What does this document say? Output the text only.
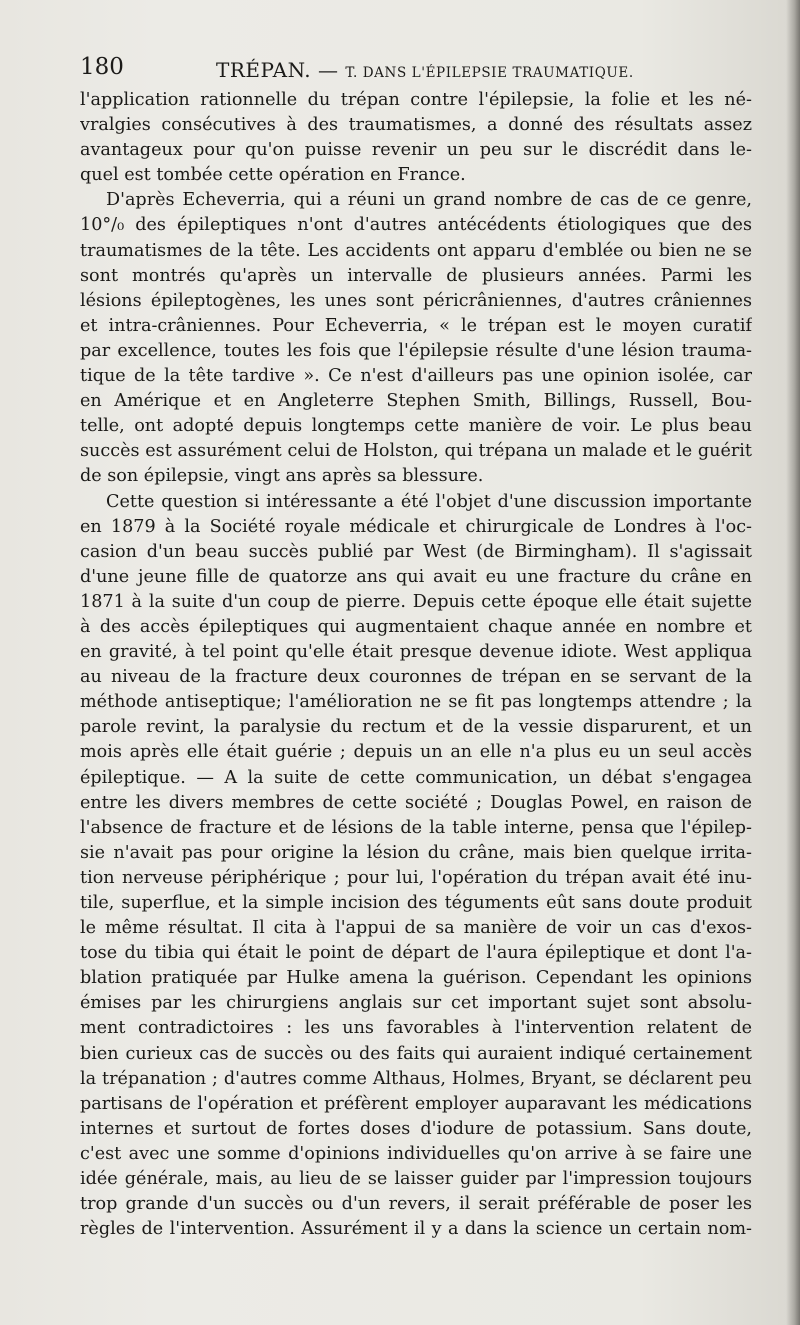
180	TRÉPAN. — T. DANS L'ÉPILEPSIE TRAUMATIQUE.
l'application rationnelle du trépan contre l'épilepsie, la folie et les né-
vralgies consécutives à des traumatismes, a donné des résultats assez
avantageux pour qu'on puisse revenir un peu sur le discrédit dans le-
quel est tombée cette opération en France.
D'après Echeverria, qui a réuni un grand nombre de cas de ce genre,
10°/₀ des épileptiques n'ont d'autres antécédents étiologiques que des
traumatismes de la tête. Les accidents ont apparu d'emblée ou bien ne se
sont montrés qu'après un intervalle de plusieurs années. Parmi les
lésions épileptogènes, les unes sont péricrâniennes, d'autres crâniennes
et intra-crâniennes. Pour Echeverria, « le trépan est le moyen curatif
par excellence, toutes les fois que l'épilepsie résulte d'une lésion trauma-
tique de la tête tardive ». Ce n'est d'ailleurs pas une opinion isolée, car
en Amérique et en Angleterre Stephen Smith, Billings, Russell, Bou-
telle, ont adopté depuis longtemps cette manière de voir. Le plus beau
succès est assurément celui de Holston, qui trépana un malade et le guérit
de son épilepsie, vingt ans après sa blessure.
Cette question si intéressante a été l'objet d'une discussion importante
en 1879 à la Société royale médicale et chirurgicale de Londres à l'oc-
casion d'un beau succès publié par West (de Birmingham). Il s'agissait
d'une jeune fille de quatorze ans qui avait eu une fracture du crâne en
1871 à la suite d'un coup de pierre. Depuis cette époque elle était sujette
à des accès épileptiques qui augmentaient chaque année en nombre et
en gravité, à tel point qu'elle était presque devenue idiote. West appliqua
au niveau de la fracture deux couronnes de trépan en se servant de la
méthode antiseptique; l'amélioration ne se fit pas longtemps attendre ; la
parole revint, la paralysie du rectum et de la vessie disparurent, et un
mois après elle était guérie ; depuis un an elle n'a plus eu un seul accès
épileptique. — A la suite de cette communication, un débat s'engagea
entre les divers membres de cette société ; Douglas Powel, en raison de
l'absence de fracture et de lésions de la table interne, pensa que l'épilep-
sie n'avait pas pour origine la lésion du crâne, mais bien quelque irrita-
tion nerveuse périphérique ; pour lui, l'opération du trépan avait été inu-
tile, superflue, et la simple incision des téguments eût sans doute produit
le même résultat. Il cita à l'appui de sa manière de voir un cas d'exos-
tose du tibia qui était le point de départ de l'aura épileptique et dont l'a-
blation pratiquée par Hulke amena la guérison. Cependant les opinions
émises par les chirurgiens anglais sur cet important sujet sont absolu-
ment contradictoires : les uns favorables à l'intervention relatent de
bien curieux cas de succès ou des faits qui auraient indiqué certainement
la trépanation ; d'autres comme Althaus, Holmes, Bryant, se déclarent peu
partisans de l'opération et préfèrent employer auparavant les médications
internes et surtout de fortes doses d'iodure de potassium. Sans doute,
c'est avec une somme d'opinions individuelles qu'on arrive à se faire une
idée générale, mais, au lieu de se laisser guider par l'impression toujours
trop grande d'un succès ou d'un revers, il serait préférable de poser les
règles de l'intervention. Assurément il y a dans la science un certain nom-
